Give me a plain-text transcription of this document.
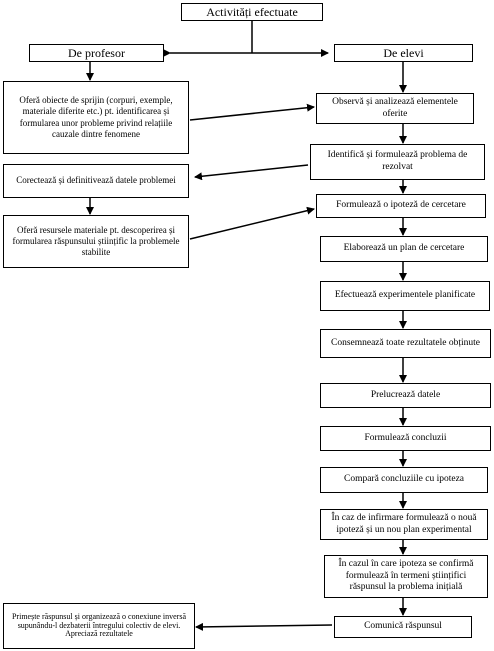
Activități efectuate
De profesor	De elevi
Oferă obiecte de sprijin (corpuri, exemple, materiale diferite etc.) pt. identificarea și formularea unor probleme privind relațiile cauzale dintre fenomene
Corectează și definitivează datele problemei
Oferă resursele materiale pt. descoperirea și formularea răspunsului științific la problemele stabilite
Primește răspunsul și organizează o conexiune inversă supunându-l dezbaterii întregului colectiv de elevi. Apreciază rezultatele
Observă și analizează elementele oferite
Identifică și formulează problema de rezolvat
Formulează o ipoteză de cercetare
Elaborează un plan de cercetare
Efectuează experimentele planificate
Consemnează toate rezultatele obținute
Prelucrează datele
Formulează concluzii
Compară concluziile cu ipoteza
În caz de infirmare formulează o nouă ipoteză și un nou plan experimental
În cazul în care ipoteza se confirmă formulează în termeni științifici răspunsul la problema inițială
Comunică răspunsul
